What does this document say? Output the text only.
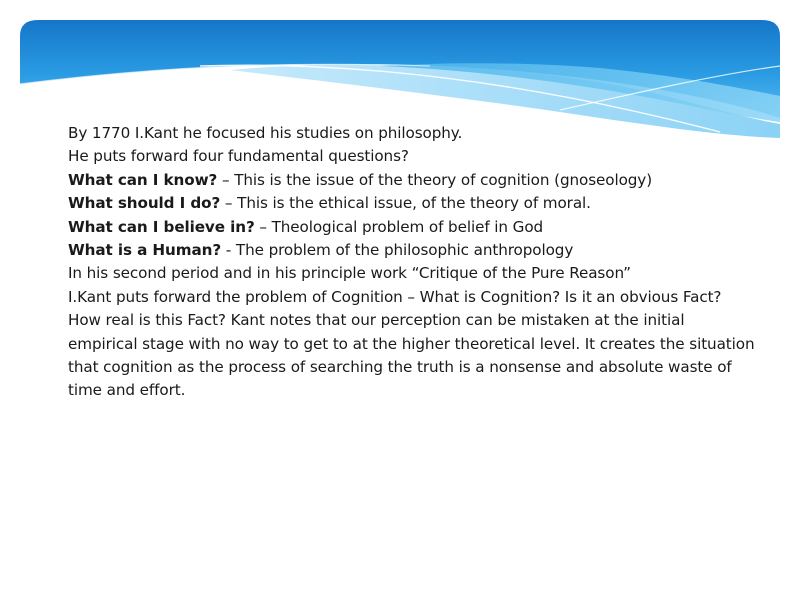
By 1770 I.Kant he focused his studies on philosophy.
He puts forward four fundamental questions?
What can I know? – This is the issue of the theory of cognition (gnoseology)
What should I do? – This is the ethical issue, of the theory of moral.
What can I believe in? – Theological problem of belief in God
What is a Human? - The problem of the philosophic anthropology
In his second period and in his principle work “Critique of the Pure Reason”
I.Kant puts forward the problem of Cognition – What is Cognition? Is it an obvious Fact? How real is this Fact? Kant notes that our perception can be mistaken at the initial empirical stage with no way to get to at the higher theoretical level. It creates the situation that cognition as the process of searching the truth is a nonsense and absolute waste of time and effort.
